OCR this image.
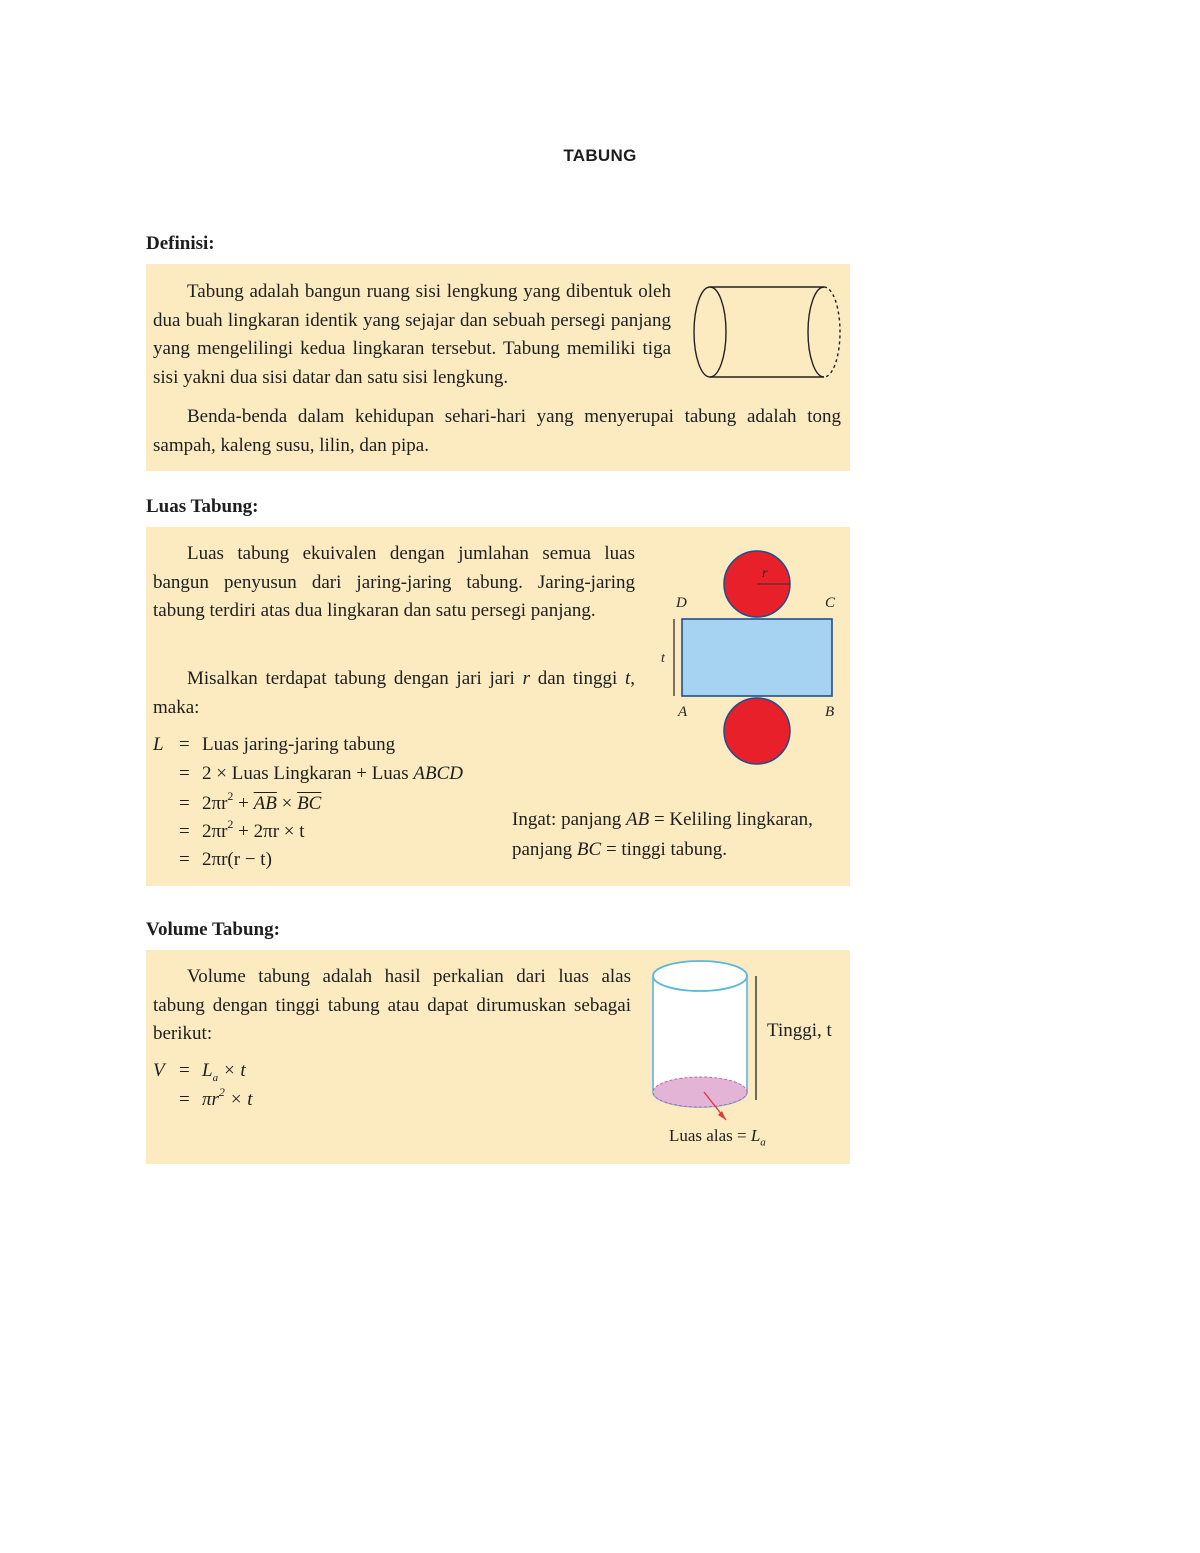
TABUNG
Definisi:
Tabung adalah bangun ruang sisi lengkung yang dibentuk oleh dua buah lingkaran identik yang sejajar dan sebuah persegi panjang yang mengelilingi kedua lingkaran tersebut. Tabung memiliki tiga sisi yakni dua sisi datar dan satu sisi lengkung.
Benda-benda dalam kehidupan sehari-hari yang menyerupai tabung adalah tong sampah, kaleng susu, lilin, dan pipa.
Luas Tabung:
Luas tabung ekuivalen dengan jumlahan semua luas bangun penyusun dari jaring-jaring tabung. Jaring-jaring tabung terdiri atas dua lingkaran dan satu persegi panjang.
Misalkan terdapat tabung dengan jari jari r dan tinggi t, maka:
L = Luas jaring-jaring tabung
= 2 × Luas Lingkaran + Luas ABCD
= $2\pi r^2 + \overline{AB} \times \overline{BC}$
= $2\pi r^2 + 2\pi r \times t$
= 2πr(r − t)
Ingat: panjang AB = Keliling lingkaran,
panjang BC = tinggi tabung.
r
t
D	C
A	B
Volume Tabung:
Volume tabung adalah hasil perkalian dari luas alas tabung dengan tinggi tabung atau dapat dirumuskan sebagai berikut:
$V = L_a \times t$
= $\pi r^2 \times t$
Tinggi, t
Luas alas = $L_a$
